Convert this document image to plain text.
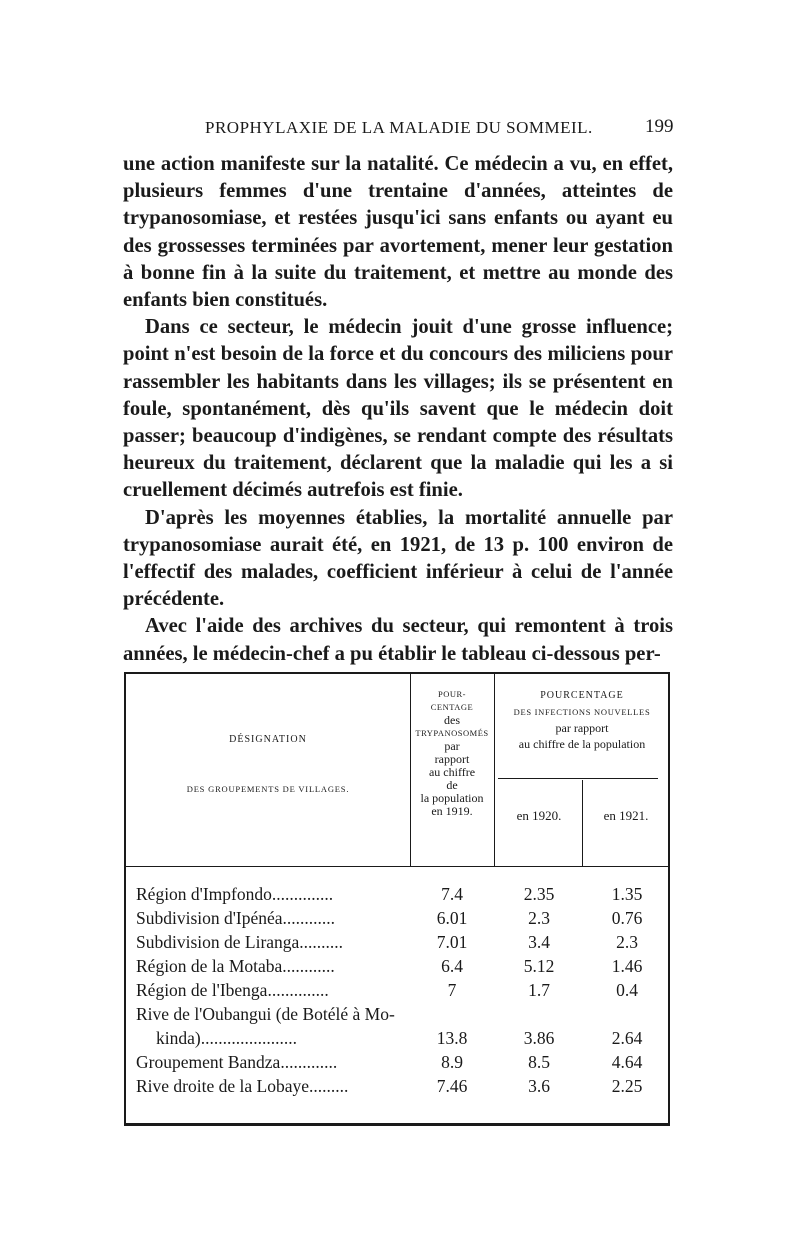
PROPHYLAXIE DE LA MALADIE DU SOMMEIL.	199

une action manifeste sur la natalité. Ce médecin a vu, en effet, plusieurs femmes d'une trentaine d'années, atteintes de trypanosomiase, et restées jusqu'ici sans enfants ou ayant eu des grossesses terminées par avortement, mener leur gestation à bonne fin à la suite du traitement, et mettre au monde des enfants bien constitués.

Dans ce secteur, le médecin jouit d'une grosse influence; point n'est besoin de la force et du concours des miliciens pour rassembler les habitants dans les villages; ils se présentent en foule, spontanément, dès qu'ils savent que le médecin doit passer; beaucoup d'indigènes, se rendant compte des résultats heureux du traitement, déclarent que la maladie qui les a si cruellement décimés autrefois est finie.

D'après les moyennes établies, la mortalité annuelle par trypanosomiase aurait été, en 1921, de 13 p. 100 environ de l'effectif des malades, coefficient inférieur à celui de l'année précédente.

Avec l'aide des archives du secteur, qui remontent à trois années, le médecin-chef a pu établir le tableau ci-dessous per-

DÉSIGNATION
DES GROUPEMENTS DE VILLAGES.
POUR-
CENTAGE
des
TRYPANOSOMÉS
par
rapport
au chiffre
de
la population
en 1919.
POURCENTAGE
DES INFECTIONS NOUVELLES
par rapport
au chiffre de la population
en 1920.	en 1921.
Région d'Impfondo..............	7.4	2.35	1.35
Subdivision d'Ipénéa............	6.01	2.3	0.76
Subdivision de Liranga..........	7.01	3.4	2.3
Région de la Motaba............	6.4	5.12	1.46
Région de l'Ibenga..............	7	1.7	0.4
Rive de l'Oubangui (de Botélé à Mo-
kinda)......................	13.8	3.86	2.64
Groupement Bandza.............	8.9	8.5	4.64
Rive droite de la Lobaye.........	7.46	3.6	2.25
